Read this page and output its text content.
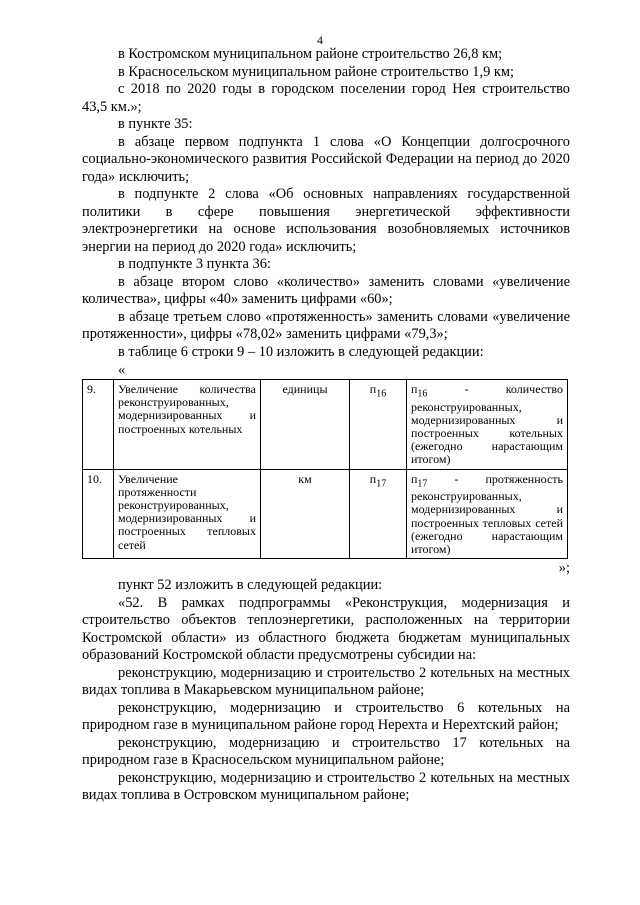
4

в Костромском муниципальном районе строительство 26,8 км;

в Красносельском муниципальном районе строительство 1,9 км;

с 2018 по 2020 годы в городском поселении город Нея строительство 43,5 км.»;

в пункте 35:

в абзаце первом подпункта 1 слова «О Концепции долгосрочного социально-экономического развития Российской Федерации на период до 2020 года» исключить;

в подпункте 2 слова «Об основных направлениях государственной политики в сфере повышения энергетической эффективности электроэнергетики на основе использования возобновляемых источников энергии на период до 2020 года» исключить;

в подпункте 3 пункта 36:

в абзаце втором слово «количество» заменить словами «увеличение количества», цифры «40» заменить цифрами «60»;

в абзаце третьем слово «протяженность» заменить словами «увеличение протяженности», цифры «78,02» заменить цифрами «79,3»;

в таблице 6 строки 9 – 10 изложить в следующей редакции:

«
9.	Увеличение количества реконструированных, модернизированных и построенных котельных	единицы	$п_{16}$	$п_{16}$ - количество реконструированных, модернизированных и построенных котельных (ежегодно нарастающим итогом)
10.	Увеличение протяженности реконструированных, модернизированных и построенных тепловых сетей	км	$п_{17}$	$п_{17}$ - протяженность реконструированных, модернизированных и построенных тепловых сетей (ежегодно нарастающим итогом)
»;

пункт 52 изложить в следующей редакции:

«52. В рамках подпрограммы «Реконструкция, модернизация и строительство объектов теплоэнергетики, расположенных на территории Костромской области» из областного бюджета бюджетам муниципальных образований Костромской области предусмотрены субсидии на:

реконструкцию, модернизацию и строительство 2 котельных на местных видах топлива в Макарьевском муниципальном районе;

реконструкцию, модернизацию и строительство 6 котельных на природном газе в муниципальном районе город Нерехта и Нерехтский район;

реконструкцию, модернизацию и строительство 17 котельных на природном газе в Красносельском муниципальном районе;

реконструкцию, модернизацию и строительство 2 котельных на местных видах топлива в Островском муниципальном районе;
